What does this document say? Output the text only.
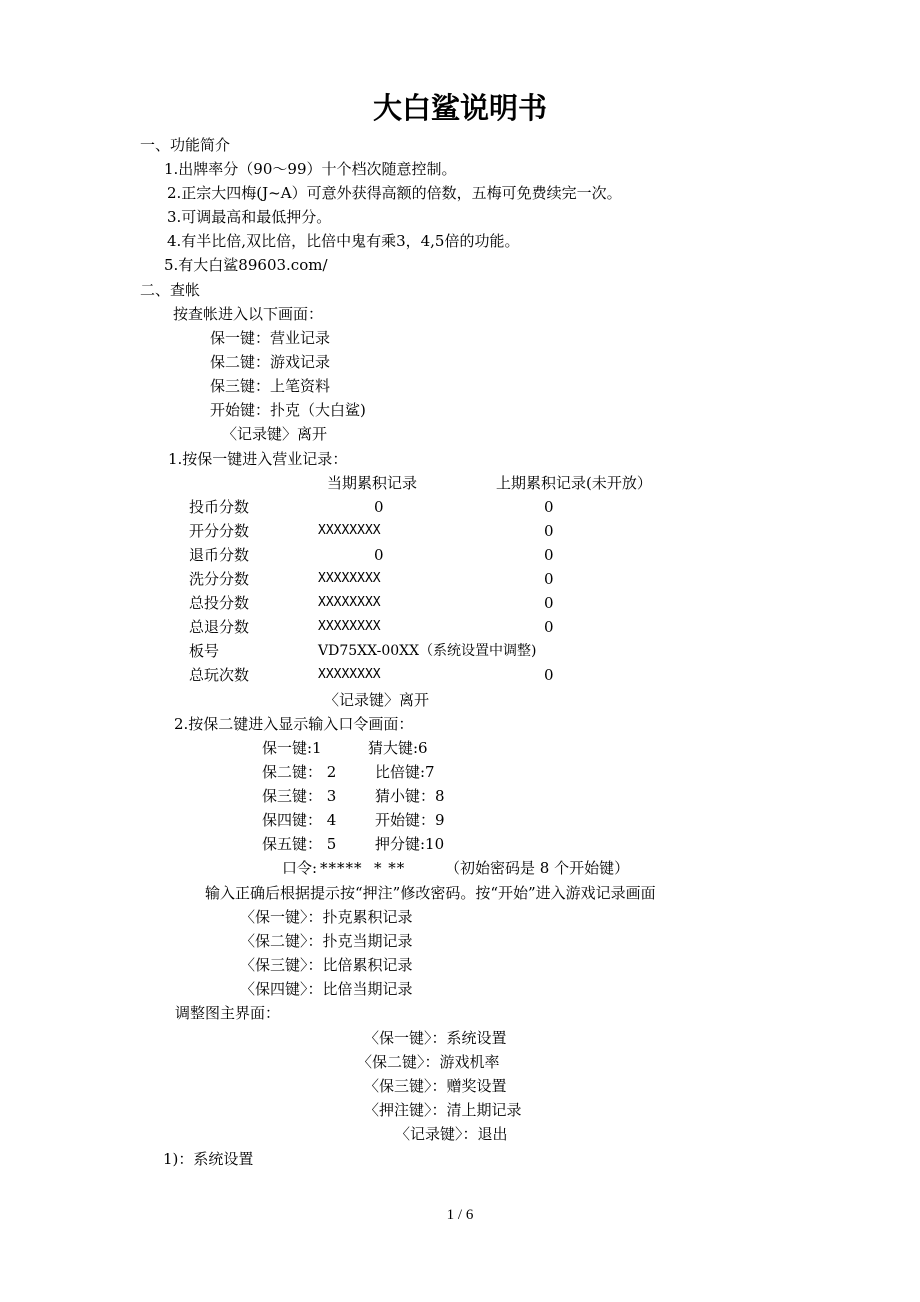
大白鲨说明书
一、功能简介
1.出牌率分（90～99）十个档次随意控制。
2.正宗大四梅(J~A）可意外获得高额的倍数，五梅可免费续完一次。
3.可调最高和最低押分。
4.有半比倍,双比倍，比倍中鬼有乘3，4,5倍的功能。
5.有大白鲨89603.com/
二、查帐
按查帐进入以下画面：
保一键：营业记录
保二键：游戏记录
保三键：上笔资料
开始键：扑克（大白鲨)
〈记录键〉离开
1.按保一键进入营业记录：
当期累积记录	上期累积记录(未开放）
投币分数	0	0
开分分数	XXXXXXXX	0
退币分数	0	0
洗分分数	XXXXXXXX	0
总投分数	XXXXXXXX	0
总退分数	XXXXXXXX	0
板号	VD75XX-00XX（系统设置中调整)
总玩次数	XXXXXXXX	0
〈记录键〉离开
2.按保二键进入显示输入口令画面：
保一键:1	猜大键:6
保二键： 2	比倍键:7
保三键： 3	猜小键：8
保四键： 4	开始键：9
保五键： 5	押分键:10
口令: *****  * **	（初始密码是 8 个开始键）
输入正确后根据提示按“押注”修改密码。按“开始”进入游戏记录画面
〈保一键〉：扑克累积记录
〈保二键〉：扑克当期记录
〈保三键〉：比倍累积记录
〈保四键〉：比倍当期记录
调整图主界面：
〈保一键〉：系统设置
〈保二键〉：游戏机率
〈保三键〉：赠奖设置
〈押注键〉：清上期记录
〈记录键〉：退出
1)：系统设置
1 / 6
